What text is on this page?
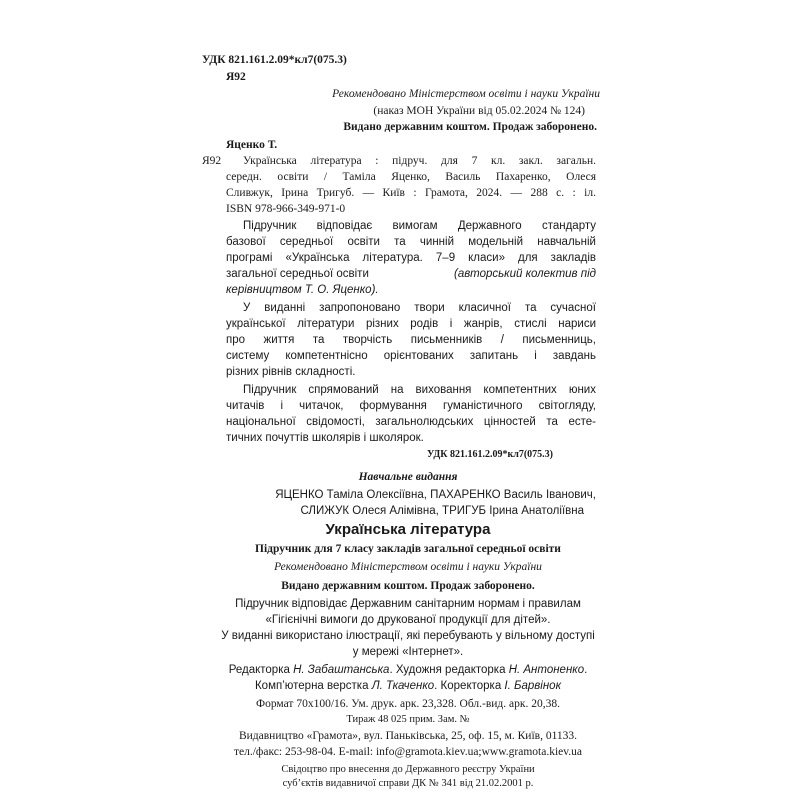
УДК 821.161.2.09*кл7(075.3)
Я92
Рекомендовано Міністерством освіти і науки України
(наказ МОН України від 05.02.2024 № 124)
Видано державним коштом. Продаж заборонено.
Яценко Т.
Я92 Українська література : підруч. для 7 кл. закл. загальн.
середн. освіти / Таміла Яценко, Василь Пахаренко, Олеся
Сливжук, Ірина Тригуб. — Київ : Грамота, 2024. — 288 с. : іл.
ISBN 978-966-349-971-0
Підручник відповідає вимогам Державного стандарту
базової середньої освіти та чинній модельній навчальній
програмі «Українська література. 7–9 класи» для закладів
загальної середньої освіти	(авторський колектив під
керівництвом Т. О. Яценко).
У виданні запропоновано твори класичної та сучасної
української літератури різних родів і жанрів, стислі нариси
про життя та творчість письменників / письменниць,
систему компетентнісно орієнтованих запитань і завдань
різних рівнів складності.
Підручник спрямований на виховання компетентних юних
читачів і читачок, формування гуманістичного світогляду,
національної свідомості, загальнолюдських цінностей та есте-
тичних почуттів школярів і школярок.
УДК 821.161.2.09*кл7(075.3)
Навчальне видання
ЯЦЕНКО Таміла Олексіївна, ПАХАРЕНКО Василь Іванович,
СЛИЖУК Олеся Алімівна, ТРИГУБ Ірина Анатоліївна
Українська література
Підручник для 7 класу закладів загальної середньої освіти
Рекомендовано Міністерством освіти і науки України
Видано державним коштом. Продаж заборонено.
Підручник відповідає Державним санітарним нормам і правилам
«Гігієнічні вимоги до друкованої продукції для дітей».
У виданні використано ілюстрації, які перебувають у вільному доступі
у мережі «Інтернет».
Редакторка Н. Забаштанська. Художня редакторка Н. Антоненко.
Комп’ютерна верстка Л. Ткаченко. Коректорка І. Барвінок
Формат 70x100/16. Ум. друк. арк. 23,328. Обл.-вид. арк. 20,38.
Тираж 48 025 прим. Зам. №
Видавництво «Грамота», вул. Паньківська, 25, оф. 15, м. Київ, 01133.
тел./факс: 253-98-04. E-mail: info@gramota.kiev.ua;www.gramota.kiev.ua
Свідоцтво про внесення до Державного реєстру України
суб’єктів видавничої справи ДК № 341 від 21.02.2001 р.
